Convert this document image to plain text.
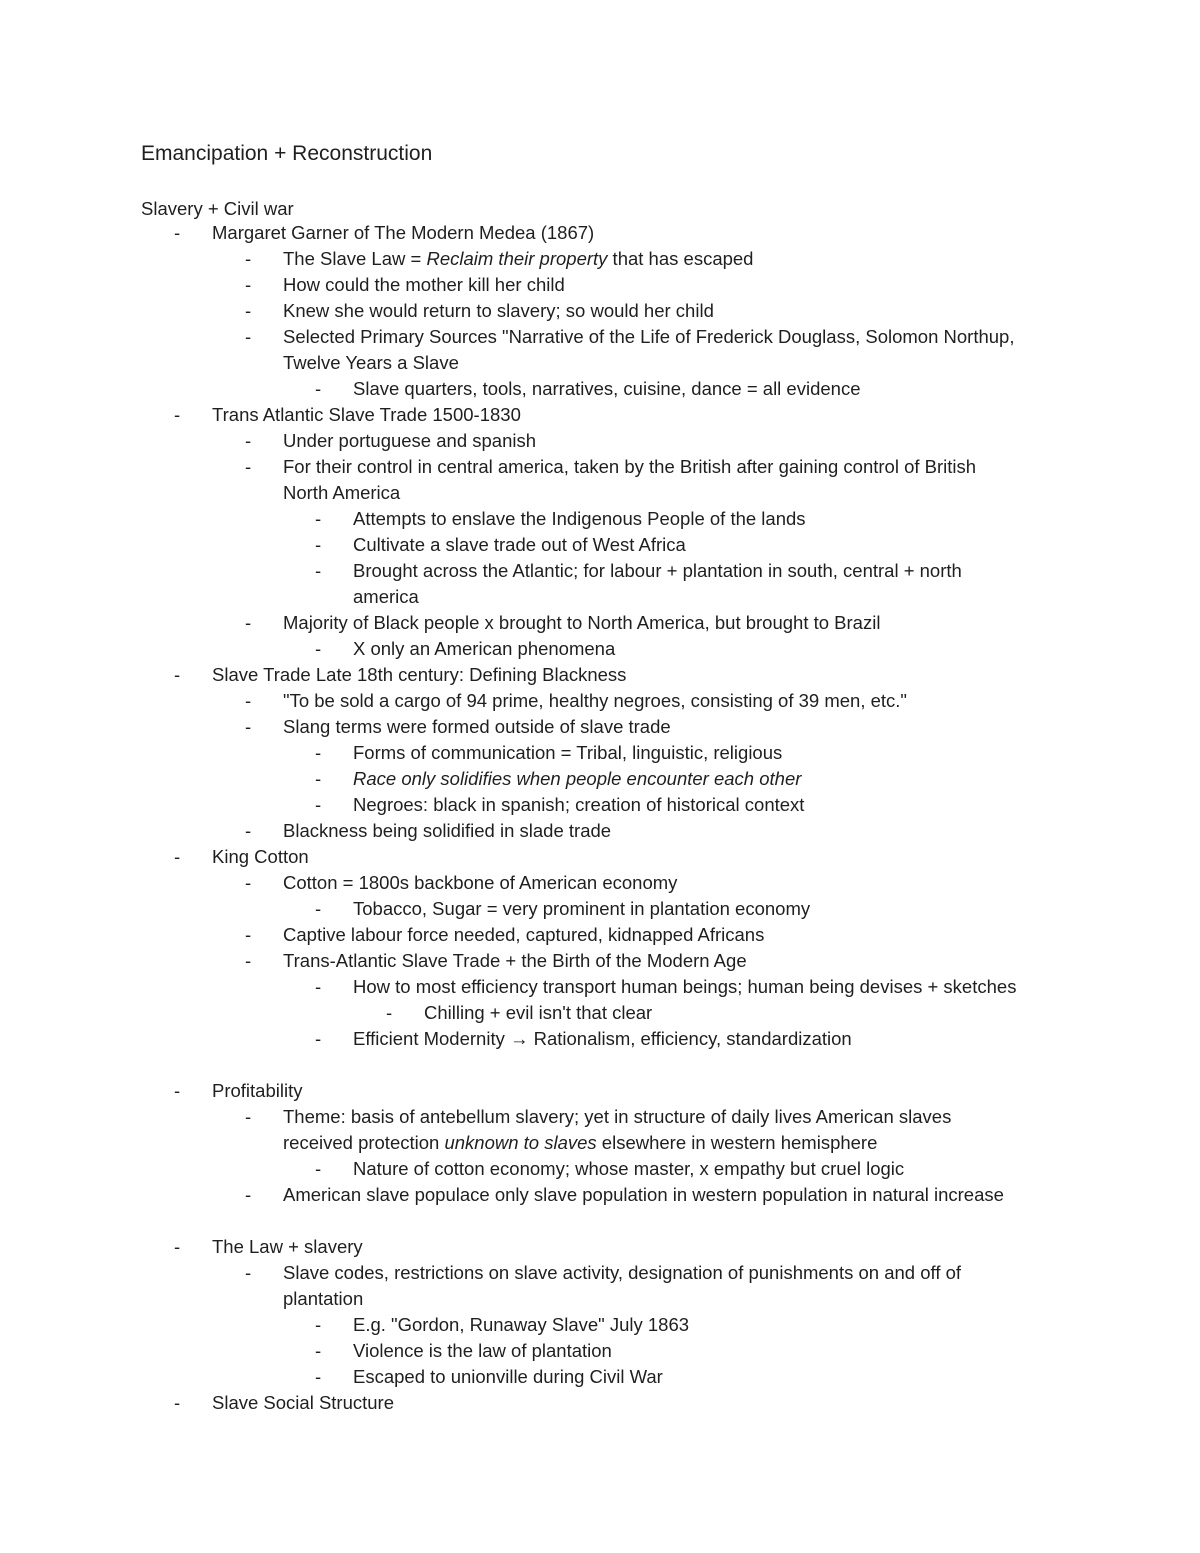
Emancipation + Reconstruction
Slavery + Civil war
- Margaret Garner of The Modern Medea (1867)
- The Slave Law = Reclaim their property that has escaped
- How could the mother kill her child
- Knew she would return to slavery; so would her child
- Selected Primary Sources "Narrative of the Life of Frederick Douglass, Solomon Northup,
Twelve Years a Slave
- Slave quarters, tools, narratives, cuisine, dance = all evidence
- Trans Atlantic Slave Trade 1500-1830
- Under portuguese and spanish
- For their control in central america, taken by the British after gaining control of British
North America
- Attempts to enslave the Indigenous People of the lands
- Cultivate a slave trade out of West Africa
- Brought across the Atlantic; for labour + plantation in south, central + north
america
- Majority of Black people x brought to North America, but brought to Brazil
- X only an American phenomena
- Slave Trade Late 18th century: Defining Blackness
- "To be sold a cargo of 94 prime, healthy negroes, consisting of 39 men, etc."
- Slang terms were formed outside of slave trade
- Forms of communication = Tribal, linguistic, religious
- Race only solidifies when people encounter each other
- Negroes: black in spanish; creation of historical context
- Blackness being solidified in slade trade
- King Cotton
- Cotton = 1800s backbone of American economy
- Tobacco, Sugar = very prominent in plantation economy
- Captive labour force needed, captured, kidnapped Africans
- Trans-Atlantic Slave Trade + the Birth of the Modern Age
- How to most efficiency transport human beings; human being devises + sketches
- Chilling + evil isn't that clear
- Efficient Modernity → Rationalism, efficiency, standardization
- Profitability
- Theme: basis of antebellum slavery; yet in structure of daily lives American slaves
received protection unknown to slaves elsewhere in western hemisphere
- Nature of cotton economy; whose master, x empathy but cruel logic
- American slave populace only slave population in western population in natural increase
- The Law + slavery
- Slave codes, restrictions on slave activity, designation of punishments on and off of
plantation
- E.g. "Gordon, Runaway Slave" July 1863
- Violence is the law of plantation
- Escaped to unionville during Civil War
- Slave Social Structure
